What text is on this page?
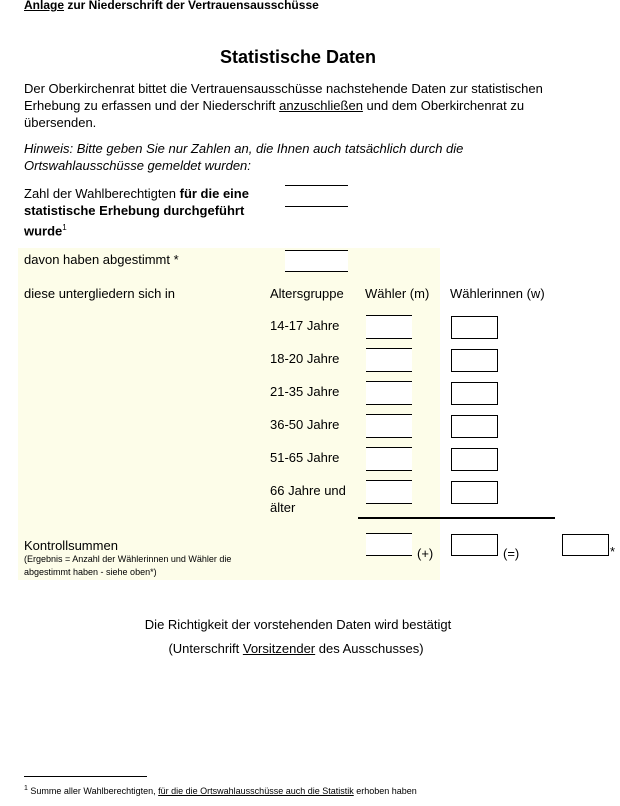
Anlage zur Niederschrift der Vertrauensausschüsse
Statistische Daten
Der Oberkirchenrat bittet die Vertrauensausschüsse nachstehende Daten zur statistischen Erhebung zu erfassen und der Niederschrift anzuschließen und dem Oberkirchenrat zu übersenden.
Hinweis: Bitte geben Sie nur Zahlen an, die Ihnen auch tatsächlich durch die Ortswahlausschüsse gemeldet wurden:
Zahl der Wahlberechtigten für die eine statistische Erhebung durchgeführt wurde$^1$
davon haben abgestimmt *
diese untergliedern sich in	Altersgruppe Wähler (m) Wählerinnen (w)
14-17 Jahre
18-20 Jahre
21-35 Jahre
36-50 Jahre
51-65 Jahre
66 Jahre und älter
Kontrollsummen
(Ergebnis = Anzahl der Wählerinnen und Wähler die abgestimmt haben - siehe oben*)
(+)	(=)	*
Die Richtigkeit der vorstehenden Daten wird bestätigt
(Unterschrift Vorsitzender des Ausschusses)
$^1$ Summe aller Wahlberechtigten, für die die Ortswahlausschüsse auch die Statistik erhoben haben
